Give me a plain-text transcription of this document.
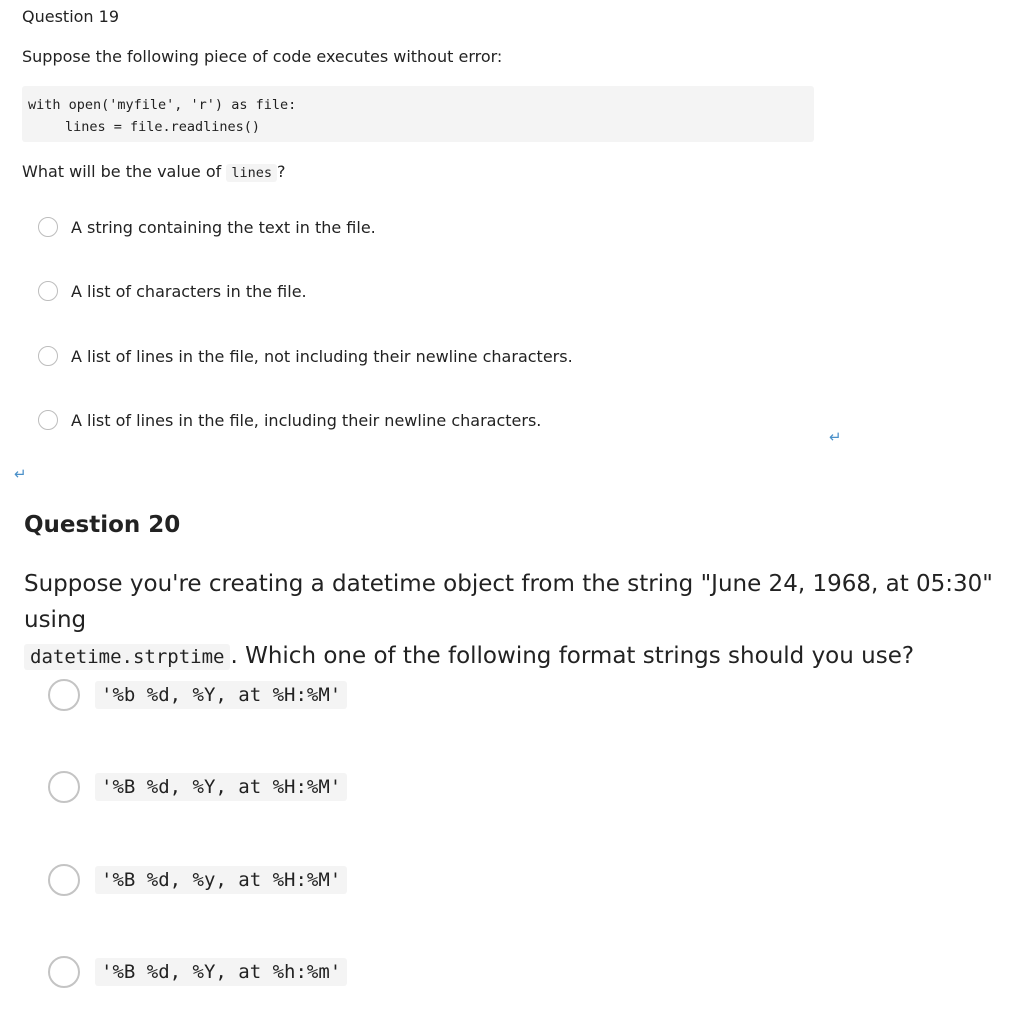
Question 19
Suppose the following piece of code executes without error:
with open('myfile', 'r') as file:
lines = file.readlines()
What will be the value of lines ?
A string containing the text in the file.
A list of characters in the file.
A list of lines in the file, not including their newline characters.
A list of lines in the file, including their newline characters.
↵
↵
Question 20
Suppose you're creating a datetime object from the string "June 24, 1968, at 05:30" using
datetime.strptime . Which one of the following format strings should you use?
'%b %d, %Y, at %H:%M'
'%B %d, %Y, at %H:%M'
'%B %d, %y, at %H:%M'
'%B %d, %Y, at %h:%m'
